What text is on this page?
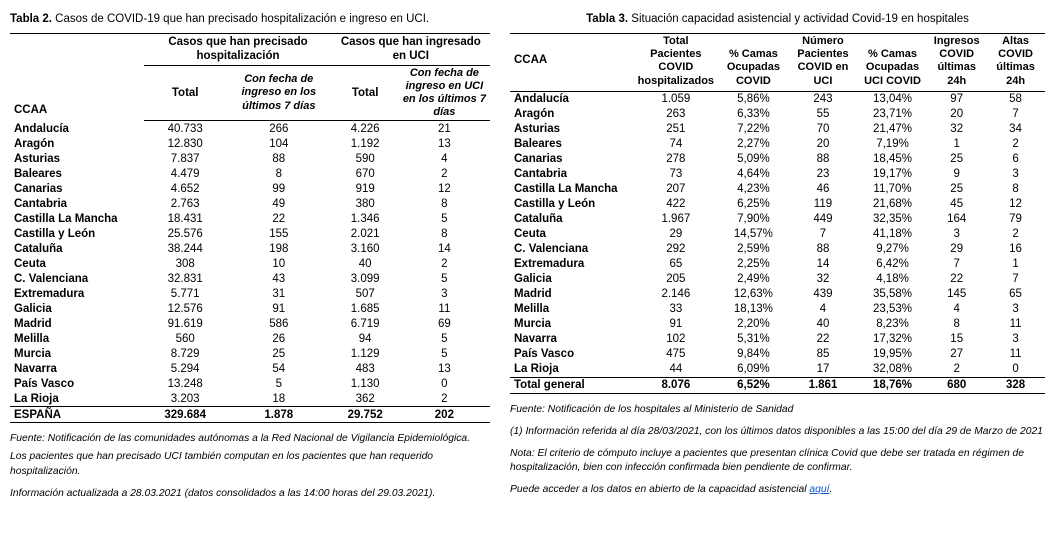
Tabla 2. Casos de COVID-19 que han precisado hospitalización e ingreso en UCI.
CCAA	Casos que han precisado hospitalización		Casos que han ingresado en UCI	
	Total	Con fecha de ingreso en los últimos 7 días	Total	Con fecha de ingreso en UCI en los últimos 7 días
Andalucía	40.733	266	4.226	21
Aragón	12.830	104	1.192	13
Asturias	7.837	88	590	4
Baleares	4.479	8	670	2
Canarias	4.652	99	919	12
Cantabria	2.763	49	380	8
Castilla La Mancha	18.431	22	1.346	5
Castilla y León	25.576	155	2.021	8
Cataluña	38.244	198	3.160	14
Ceuta	308	10	40	2
C. Valenciana	32.831	43	3.099	5
Extremadura	5.771	31	507	3
Galicia	12.576	91	1.685	11
Madrid	91.619	586	6.719	69
Melilla	560	26	94	5
Murcia	8.729	25	1.129	5
Navarra	5.294	54	483	13
País Vasco	13.248	5	1.130	0
La Rioja	3.203	18	362	2
ESPAÑA	329.684	1.878	29.752	202

Fuente: Notificación de las comunidades autónomas a la Red Nacional de Vigilancia Epidemiológica.

Los pacientes que han precisado UCI también computan en los pacientes que han requerido hospitalización.

Información actualizada a 28.03.2021 (datos consolidados a las 14:00 horas del 29.03.2021).

Tabla 3. Situación capacidad asistencial y actividad Covid-19 en hospitales
CCAA	Total Pacientes COVID hospitalizados	% Camas Ocupadas COVID	Número Pacientes COVID en UCI	% Camas Ocupadas UCI COVID	Ingresos COVID últimas 24h	Altas COVID últimas 24h
Andalucía	1.059	5,86%	243	13,04%	97	58
Aragón	263	6,33%	55	23,71%	20	7
Asturias	251	7,22%	70	21,47%	32	34
Baleares	74	2,27%	20	7,19%	1	2
Canarias	278	5,09%	88	18,45%	25	6
Cantabria	73	4,64%	23	19,17%	9	3
Castilla La Mancha	207	4,23%	46	11,70%	25	8
Castilla y León	422	6,25%	119	21,68%	45	12
Cataluña	1.967	7,90%	449	32,35%	164	79
Ceuta	29	14,57%	7	41,18%	3	2
C. Valenciana	292	2,59%	88	9,27%	29	16
Extremadura	65	2,25%	14	6,42%	7	1
Galicia	205	2,49%	32	4,18%	22	7
Madrid	2.146	12,63%	439	35,58%	145	65
Melilla	33	18,13%	4	23,53%	4	3
Murcia	91	2,20%	40	8,23%	8	11
Navarra	102	5,31%	22	17,32%	15	3
País Vasco	475	9,84%	85	19,95%	27	11
La Rioja	44	6,09%	17	32,08%	2	0
Total general	8.076	6,52%	1.861	18,76%	680	328

Fuente: Notificación de los hospitales al Ministerio de Sanidad

(1) Información referida al día 28/03/2021, con los últimos datos disponibles a las 15:00 del día 29 de Marzo de 2021

Nota: El criterio de cómputo incluye a pacientes que presentan clínica Covid que debe ser tratada en régimen de hospitalización, bien con infección confirmada bien pendiente de confirmar.

Puede acceder a los datos en abierto de la capacidad asistencial aquí.
